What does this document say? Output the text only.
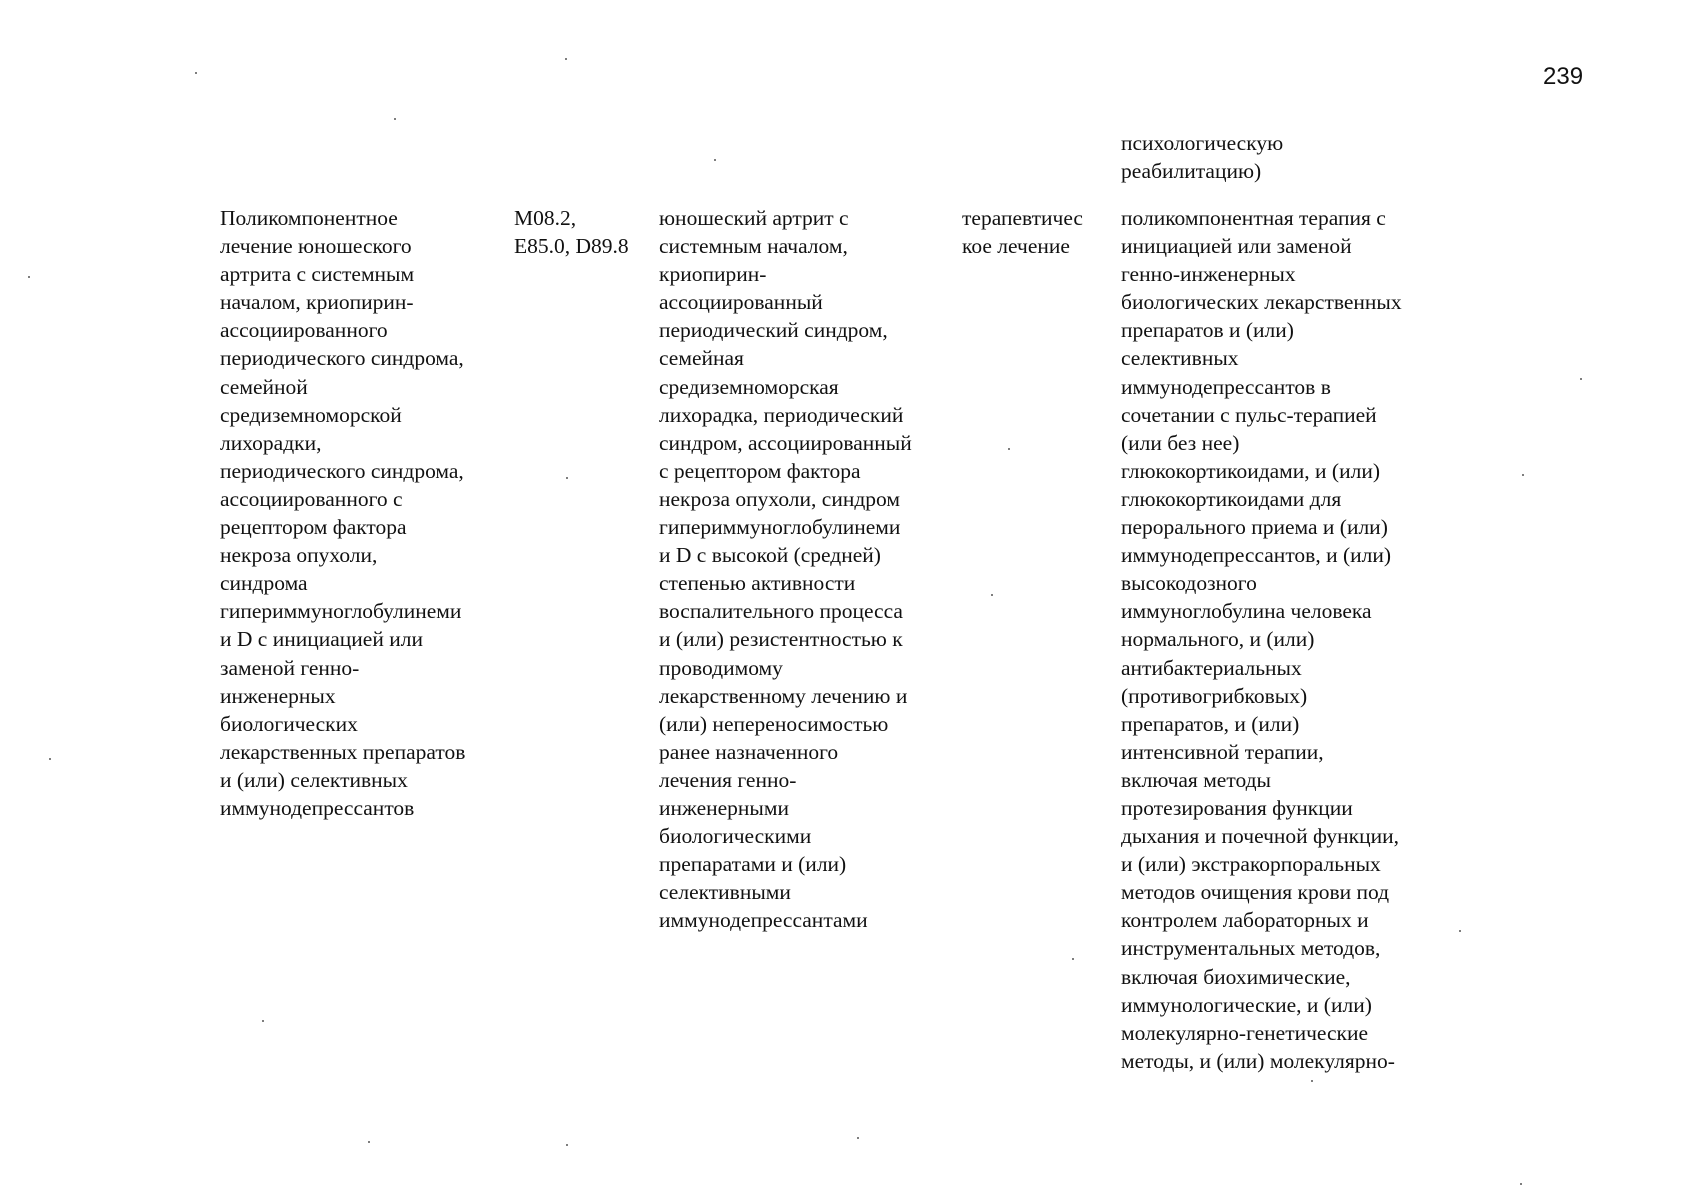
239
психологическую
реабилитацию)
Поликомпонентное
лечение юношеского
артрита с системным
началом, криопирин-
ассоциированного
периодического синдрома,
семейной
средиземноморской
лихорадки,
периодического синдрома,
ассоциированного с
рецептором фактора
некроза опухоли,
синдрома
гипериммуноглобулинеми
и D с инициацией или
заменой генно-
инженерных
биологических
лекарственных препаратов
и (или) селективных
иммунодепрессантов
M08.2,
E85.0, D89.8
юношеский артрит с
системным началом,
криопирин-
ассоциированный
периодический синдром,
семейная
средиземноморская
лихорадка, периодический
синдром, ассоциированный
с рецептором фактора
некроза опухоли, синдром
гипериммуноглобулинеми
и D с высокой (средней)
степенью активности
воспалительного процесса
и (или) резистентностью к
проводимому
лекарственному лечению и
(или) непереносимостью
ранее назначенного
лечения генно-
инженерными
биологическими
препаратами и (или)
селективными
иммунодепрессантами
терапевтичес
кое лечение
поликомпонентная терапия с
инициацией или заменой
генно-инженерных
биологических лекарственных
препаратов и (или)
селективных
иммунодепрессантов в
сочетании с пульс-терапией
(или без нее)
глюкокортикоидами, и (или)
глюкокортикоидами для
перорального приема и (или)
иммунодепрессантов, и (или)
высокодозного
иммуноглобулина человека
нормального, и (или)
антибактериальных
(противогрибковых)
препаратов, и (или)
интенсивной терапии,
включая методы
протезирования функции
дыхания и почечной функции,
и (или) экстракорпоральных
методов очищения крови под
контролем лабораторных и
инструментальных методов,
включая биохимические,
иммунологические, и (или)
молекулярно-генетические
методы, и (или) молекулярно-
